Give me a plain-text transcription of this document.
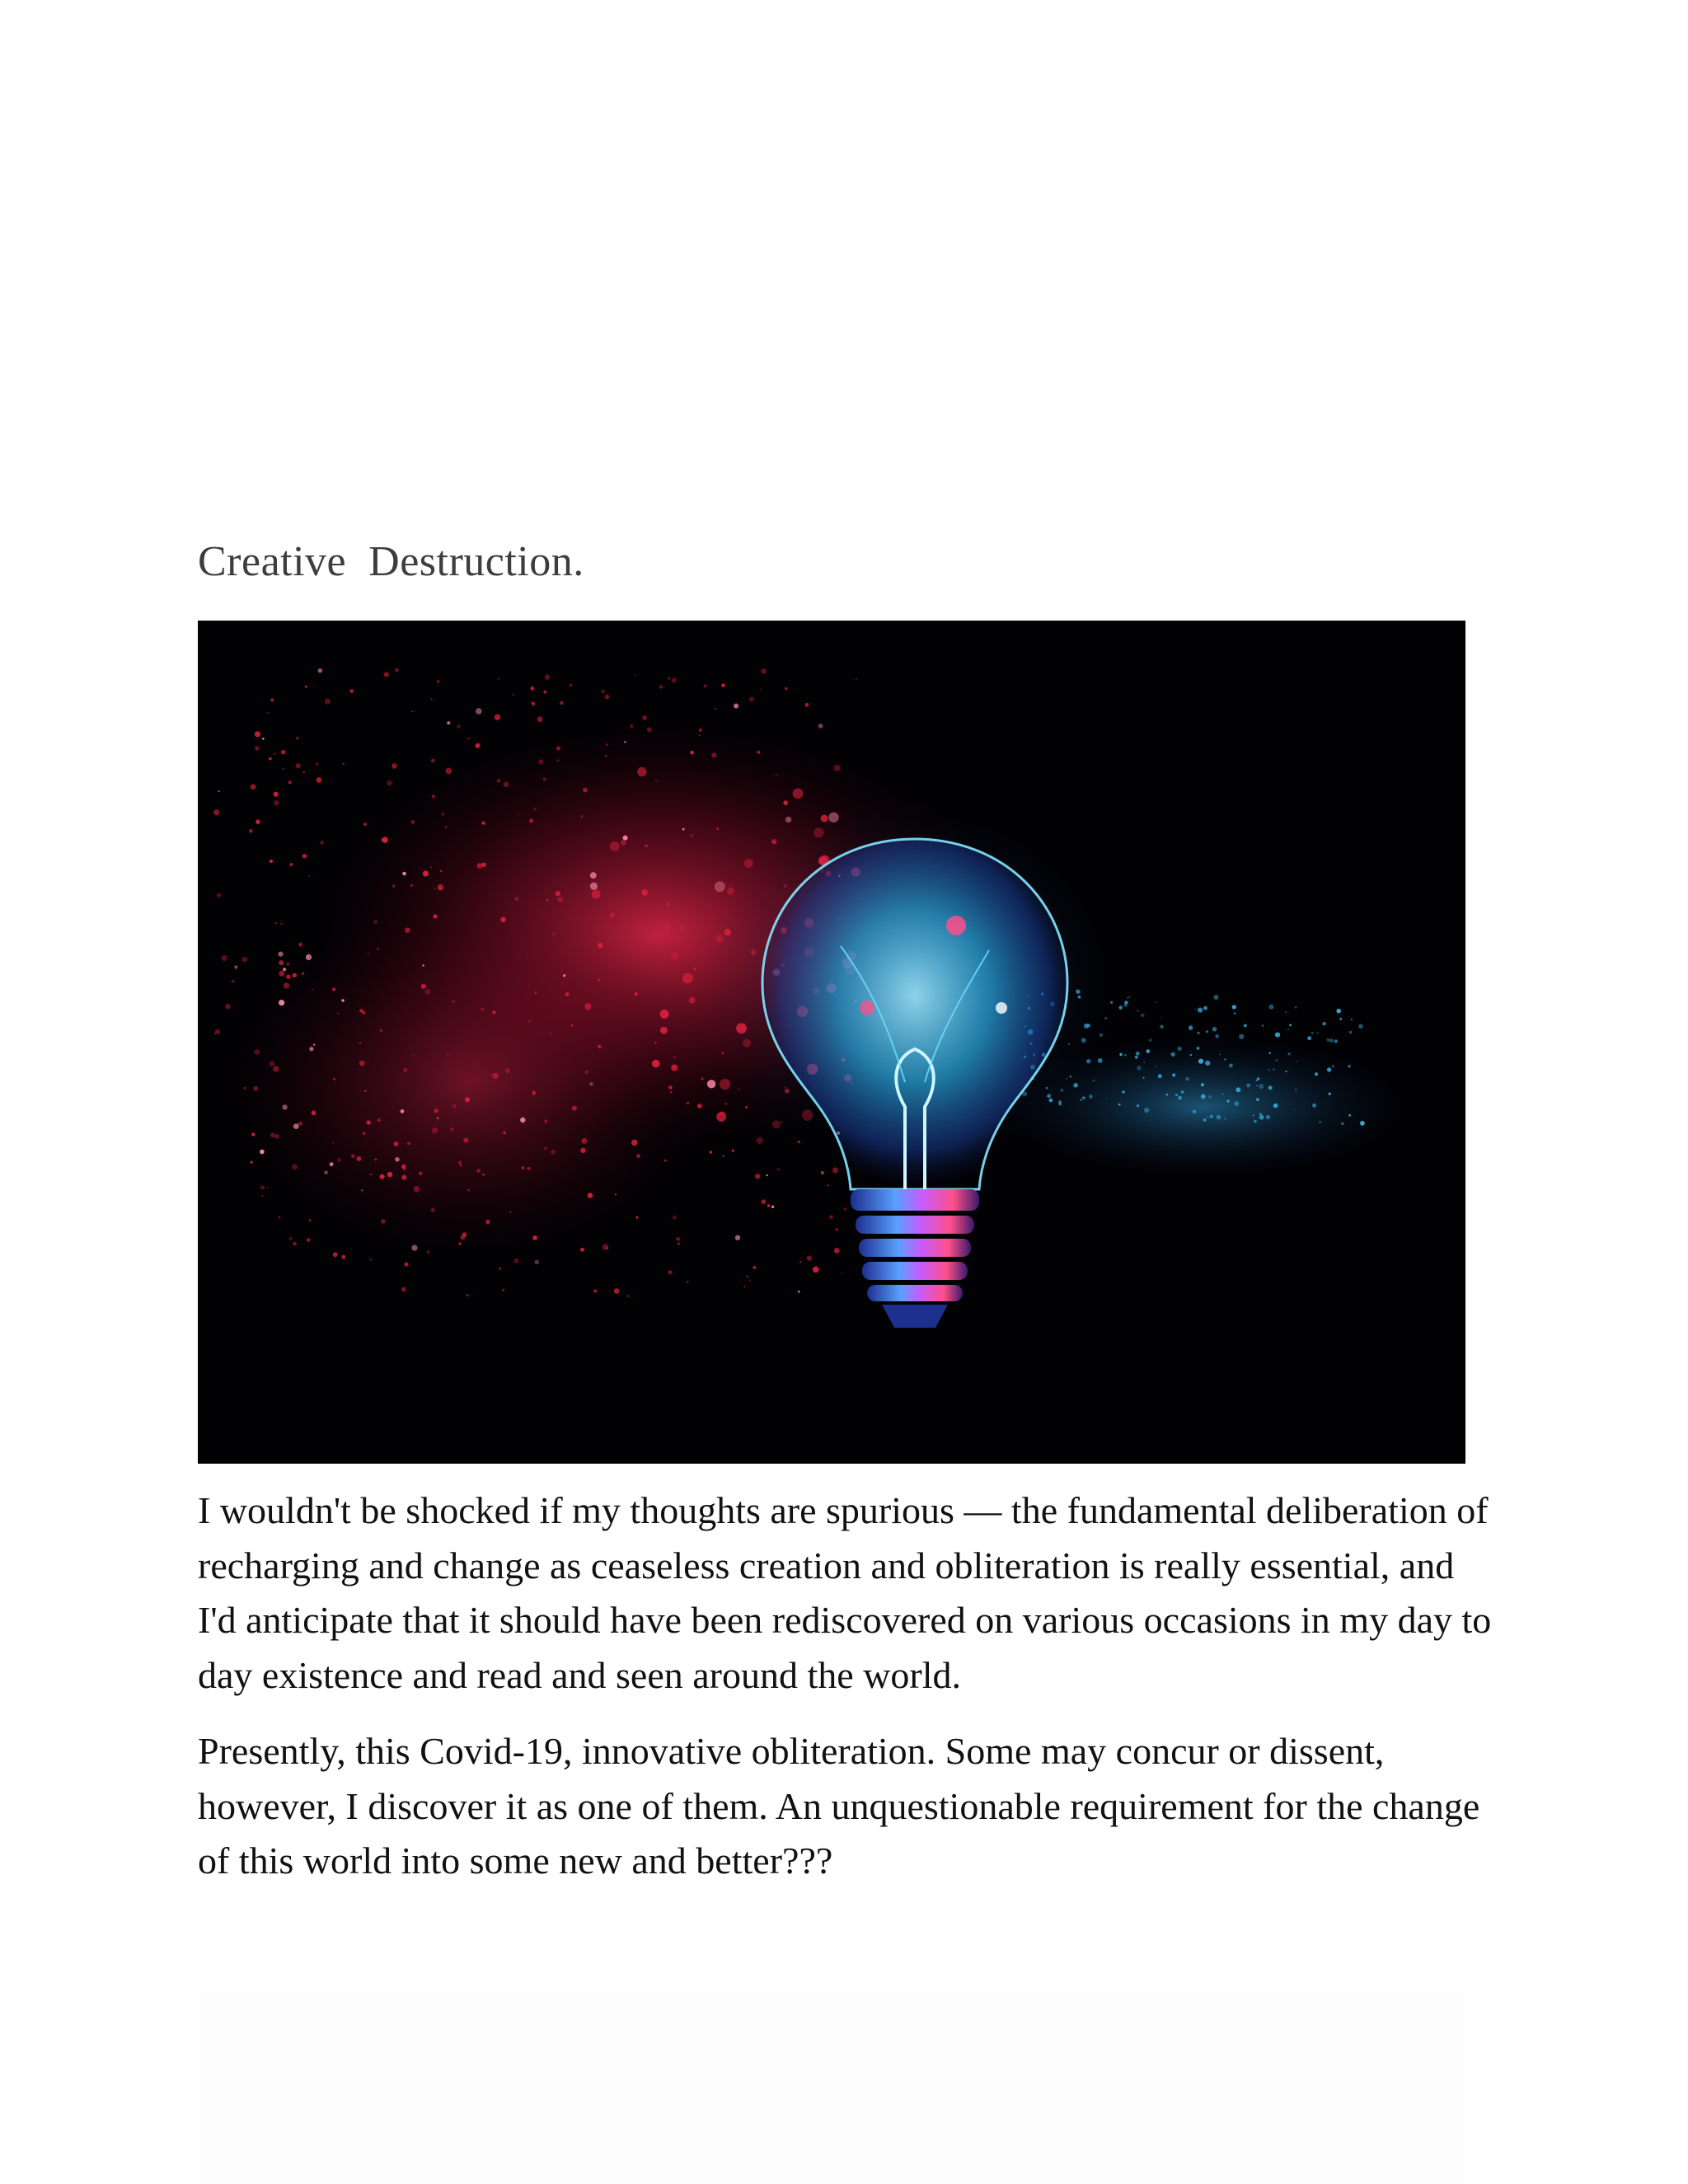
Creative  Destruction.

I wouldn't be shocked if my thoughts are spurious — the fundamental deliberation of recharging and change as ceaseless creation and obliteration is really essential, and I'd anticipate that it should have been rediscovered on various occasions in my day to day existence and read and seen around the world.

Presently, this Covid-19, innovative obliteration. Some may concur or dissent, however, I discover it as one of them. An unquestionable requirement for the change of this world into some new and better???
